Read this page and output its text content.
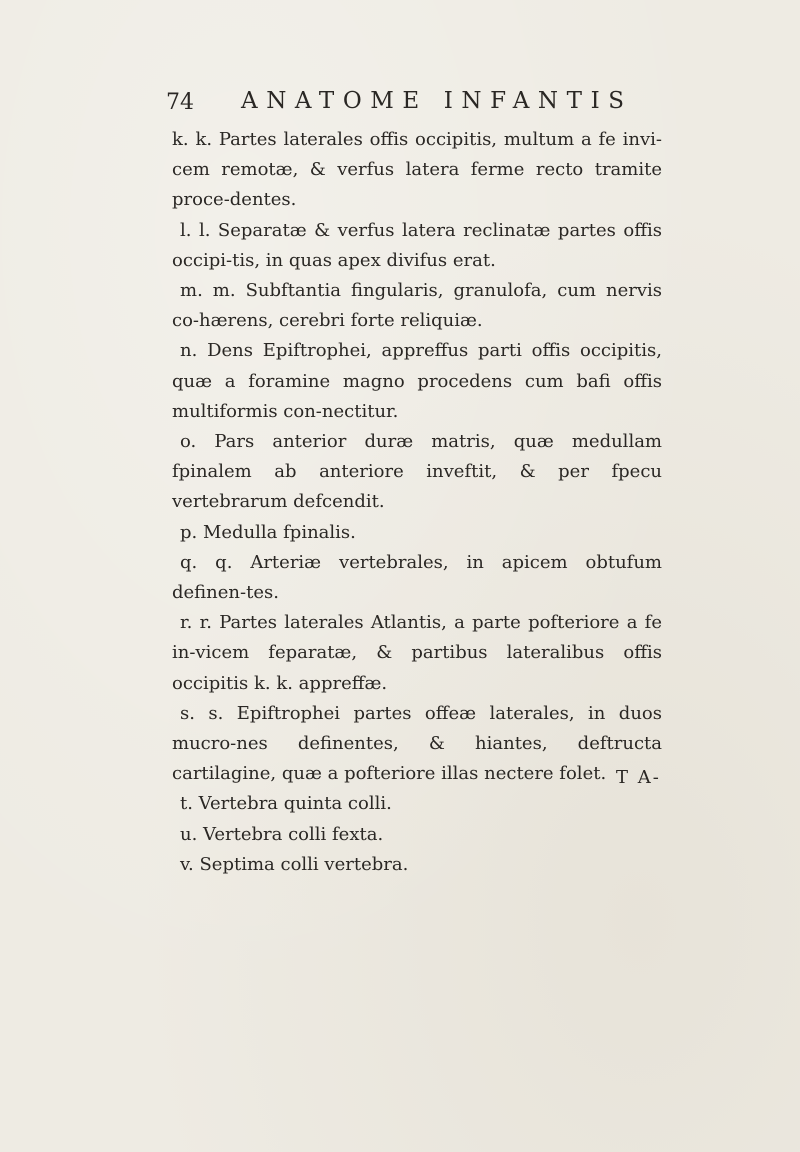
74 ANATOME INFANTIS

k. k. Partes laterales offis occipitis, multum a fe invi-cem remotæ, & verfus latera ferme recto tramite proce-dentes.

l. l. Separatæ & verfus latera reclinatæ partes offis occipi-tis, in quas apex divifus erat.

m. m. Subftantia fingularis, granulofa, cum nervis co-hærens, cerebri forte reliquiæ.

n. Dens Epiftrophei, appreffus parti offis occipitis, quæ a foramine magno procedens cum bafi offis multiformis con-nectitur.

o. Pars anterior duræ matris, quæ medullam fpinalem ab anteriore inveftit, & per fpecu vertebrarum defcendit.

p. Medulla fpinalis.

q. q. Arteriæ vertebrales, in apicem obtufum definen-tes.

r. r. Partes laterales Atlantis, a parte pofteriore a fe in-vicem feparatæ, & partibus lateralibus offis occipitis k. k. appreffæ.

s. s. Epiftrophei partes offeæ laterales, in duos mucro-nes definentes, & hiantes, deftructa cartilagine, quæ a pofteriore illas nectere folet.

t. Vertebra quinta colli.

u. Vertebra colli fexta.

v. Septima colli vertebra.

T A-
